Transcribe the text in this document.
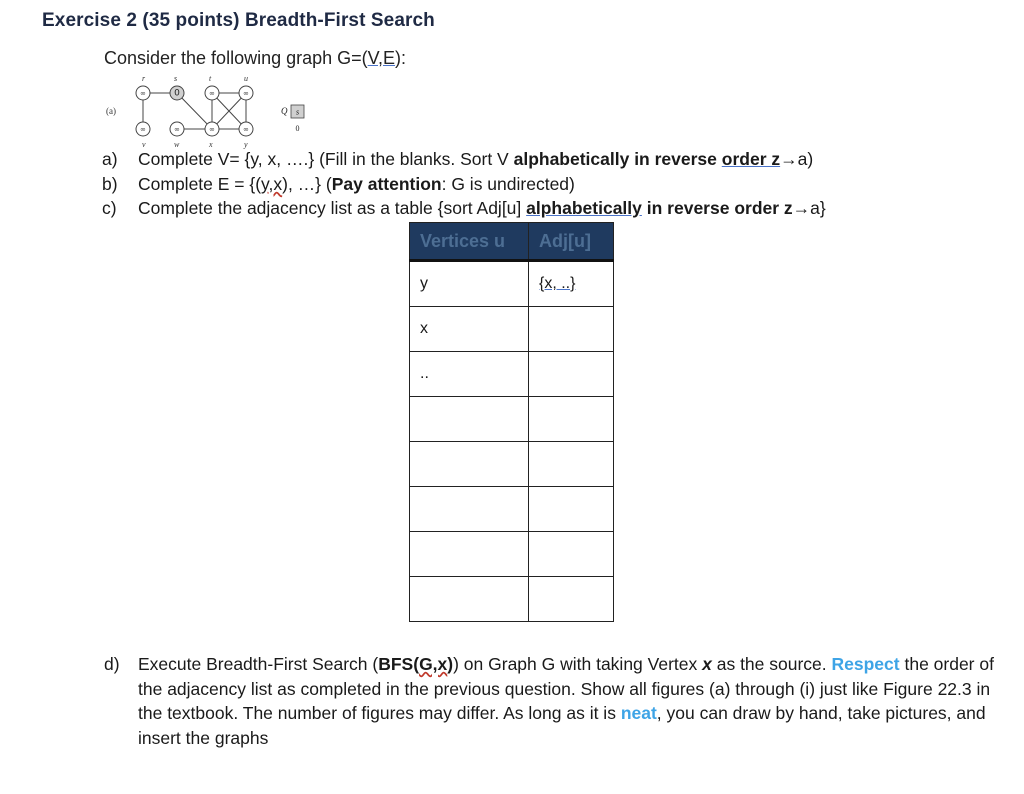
Exercise 2 (35 points) Breadth-First Search
Consider the following graph G=(V,E):
r	s	t	u
v	w	x	y
(a)
∞	0	∞	∞
∞	∞	∞	∞
Q s
0
a) Complete V= {y, x, ….} (Fill in the blanks. Sort V alphabetically in reverse order z→a)
b) Complete E = {(y,x), …} (Pay attention: G is undirected)
c) Complete the adjacency list as a table {sort Adj[u] alphabetically in reverse order z→a}
Vertices u	Adj[u]
y	{x, ..}
x	
..	

d) Execute Breadth-First Search (BFS(G,x)) on Graph G with taking Vertex x as the source. Respect the order of the adjacency list as completed in the previous question. Show all figures (a) through (i) just like Figure 22.3 in the textbook. The number of figures may differ. As long as it is neat, you can draw by hand, take pictures, and insert the graphs
